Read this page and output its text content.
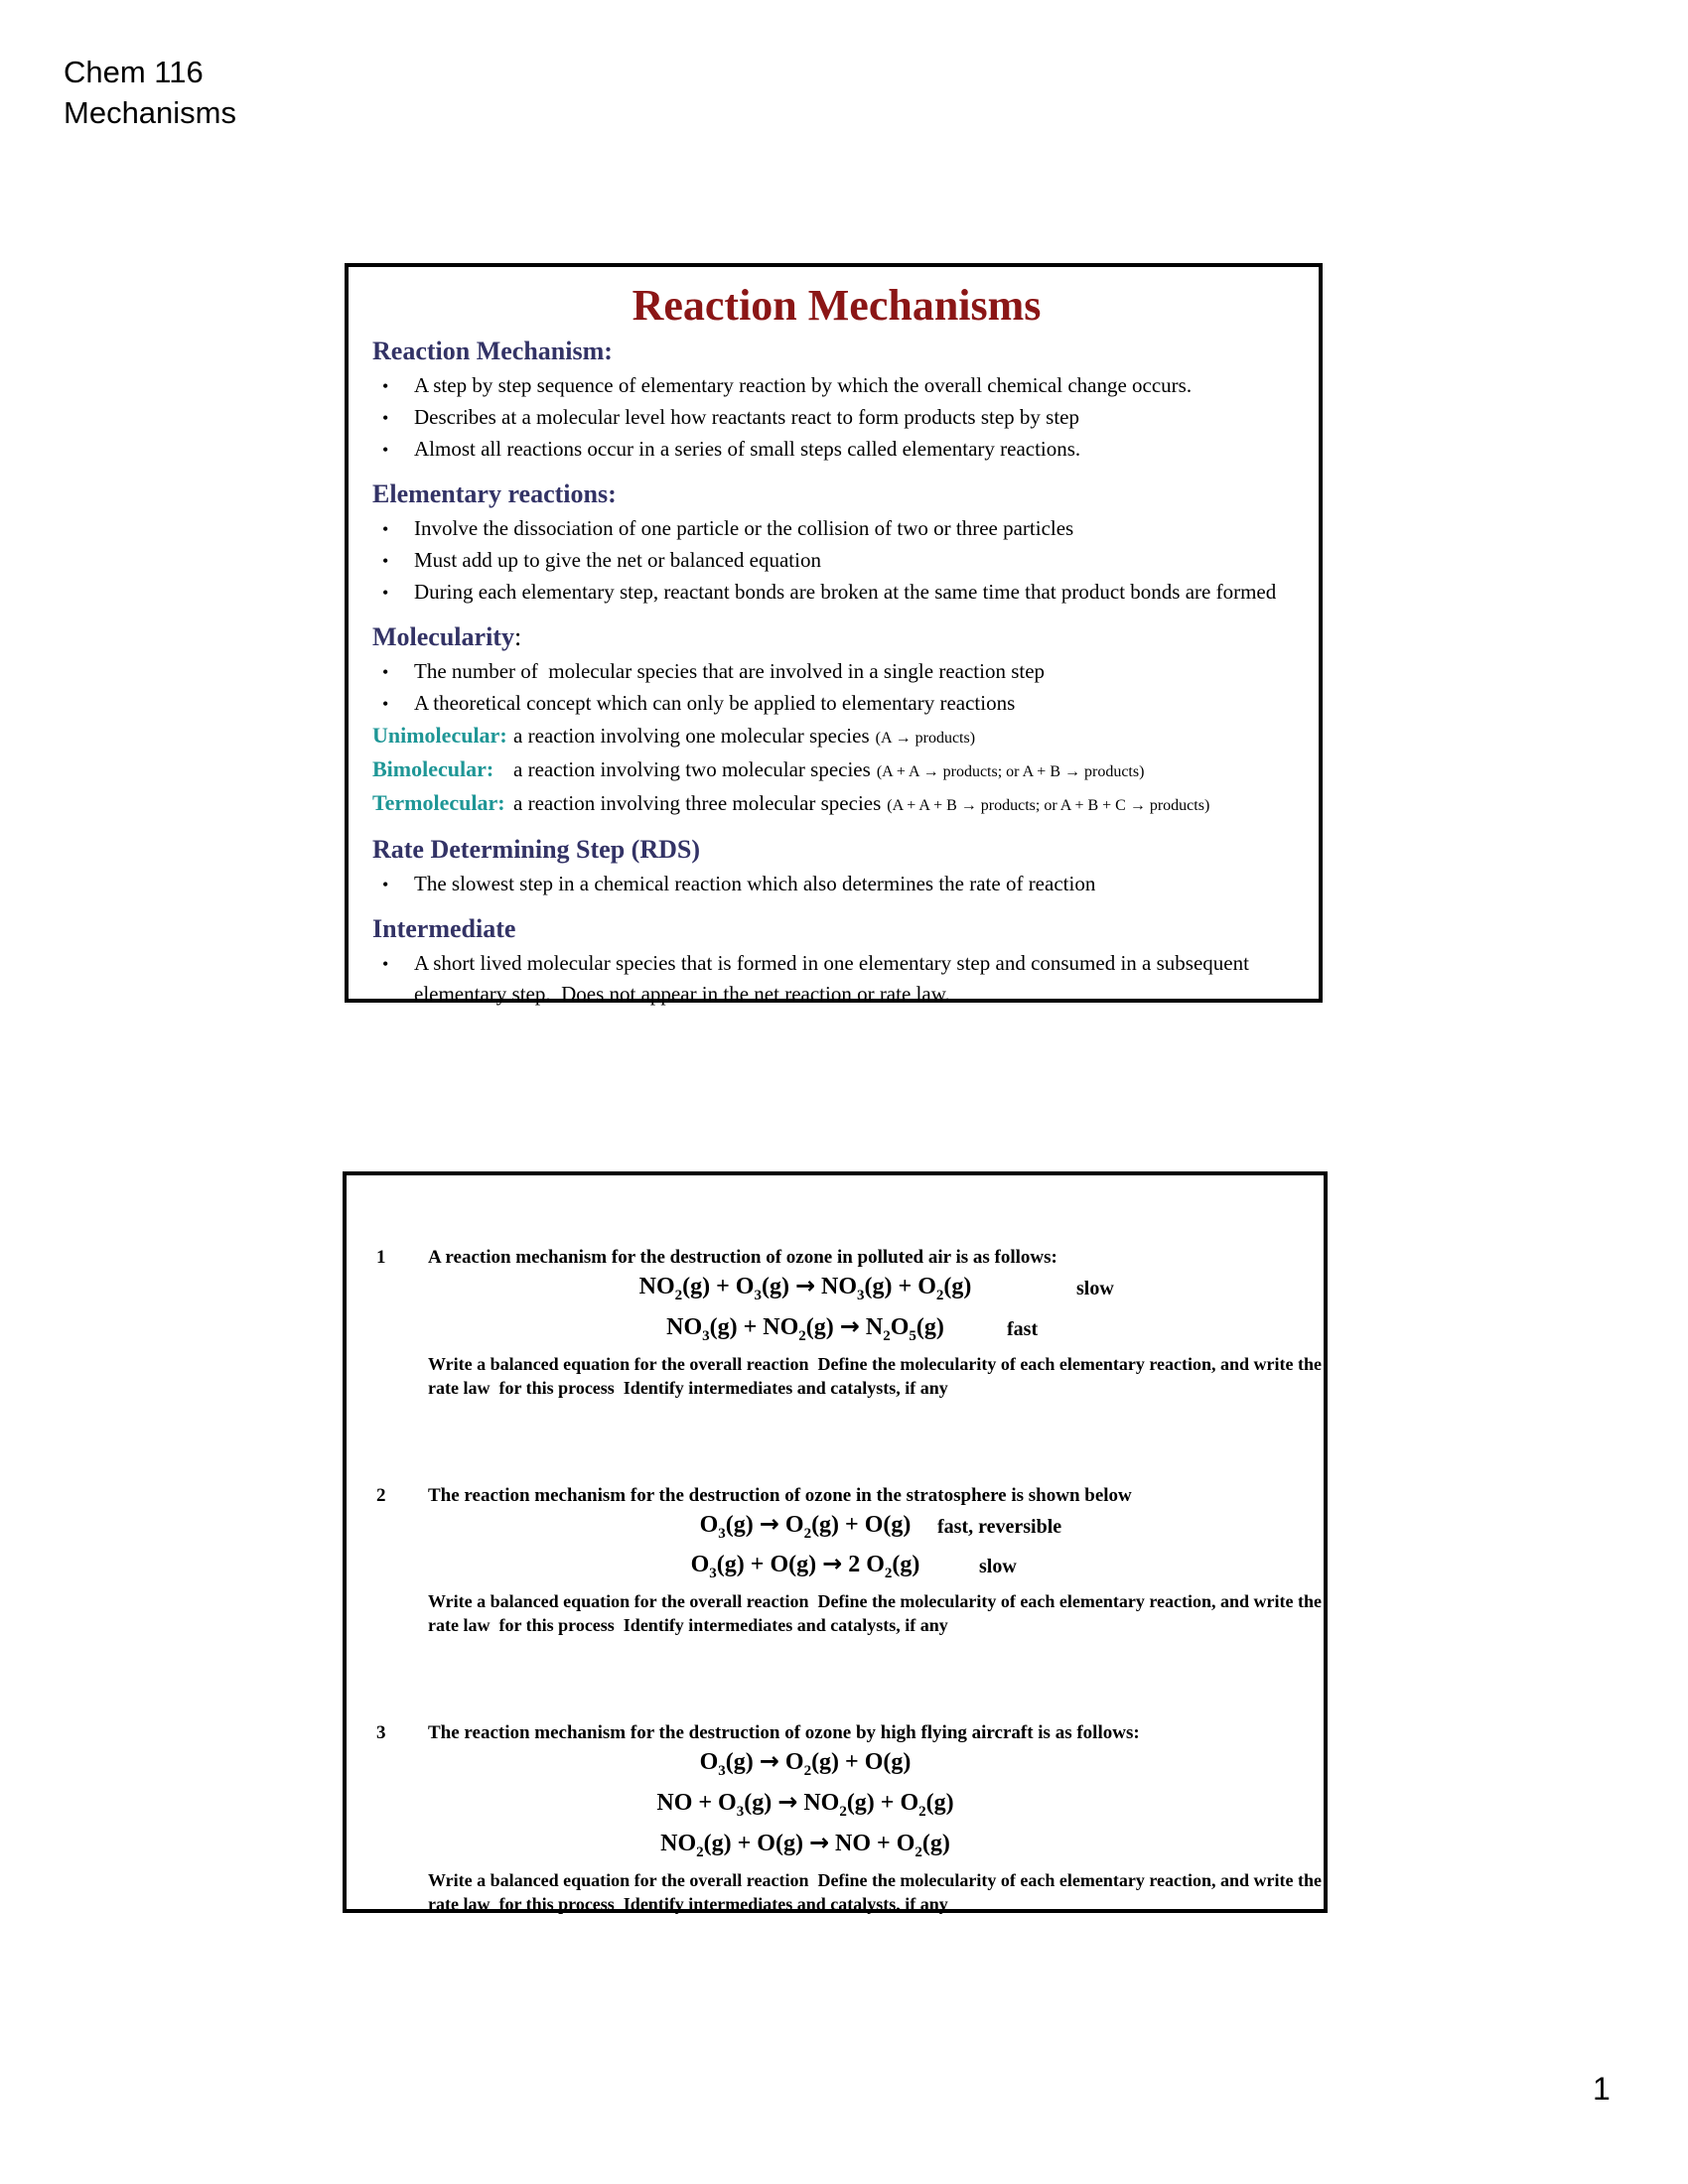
Chem 116
Mechanisms
Reaction Mechanisms
Reaction Mechanism:
•
A step by step sequence of elementary reaction by which the overall chemical change occurs.
•
Describes at a molecular level how reactants react to form products step by step
•
Almost all reactions occur in a series of small steps called elementary reactions.
Elementary reactions:
•
Involve the dissociation of one particle or the collision of two or three particles
•
Must add up to give the net or balanced equation
•
During each elementary step, reactant bonds are broken at the same time that product bonds are formed
Molecularity:
•
The number of  molecular species that are involved in a single reaction step
•
A theoretical concept which can only be applied to elementary reactions
Unimolecular: a reaction involving one molecular species (A → products)
Bimolecular: a reaction involving two molecular species (A + A → products; or A + B → products)
Termolecular: a reaction involving three molecular species (A + A + B → products; or A + B + C → products)
Rate Determining Step (RDS)
•
The slowest step in a chemical reaction which also determines the rate of reaction
Intermediate
•
A short lived molecular species that is formed in one elementary step and consumed in a subsequent elementary step.  Does not appear in the net reaction or rate law.
1	A reaction mechanism for the destruction of ozone in polluted air is as follows:
$NO_2(g) + O_3(g) \to NO_3(g) + O_2(g)$	slow
$NO_3(g) + NO_2(g) \to N_2O_5(g)$	fast
Write a balanced equation for the overall reaction  Define the molecularity of each elementary reaction, and write the rate law  for this process  Identify intermediates and catalysts, if any
2	The reaction mechanism for the destruction of ozone in the stratosphere is shown below
$O_3(g) \to O_2(g) + O(g)$	fast, reversible
$O_3(g) + O(g) \to 2$ $O_2(g)$	slow
Write a balanced equation for the overall reaction  Define the molecularity of each elementary reaction, and write the rate law  for this process  Identify intermediates and catalysts, if any
3	The reaction mechanism for the destruction of ozone by high flying aircraft is as follows:
$O_3(g) \to O_2(g) + O(g)$
NO + $O_3(g) \to NO_2(g) + O_2(g)$
$NO_2(g) + O(g)$ → NO + $O_2(g)$
Write a balanced equation for the overall reaction  Define the molecularity of each elementary reaction, and write the rate law  for this process  Identify intermediates and catalysts, if any
1
